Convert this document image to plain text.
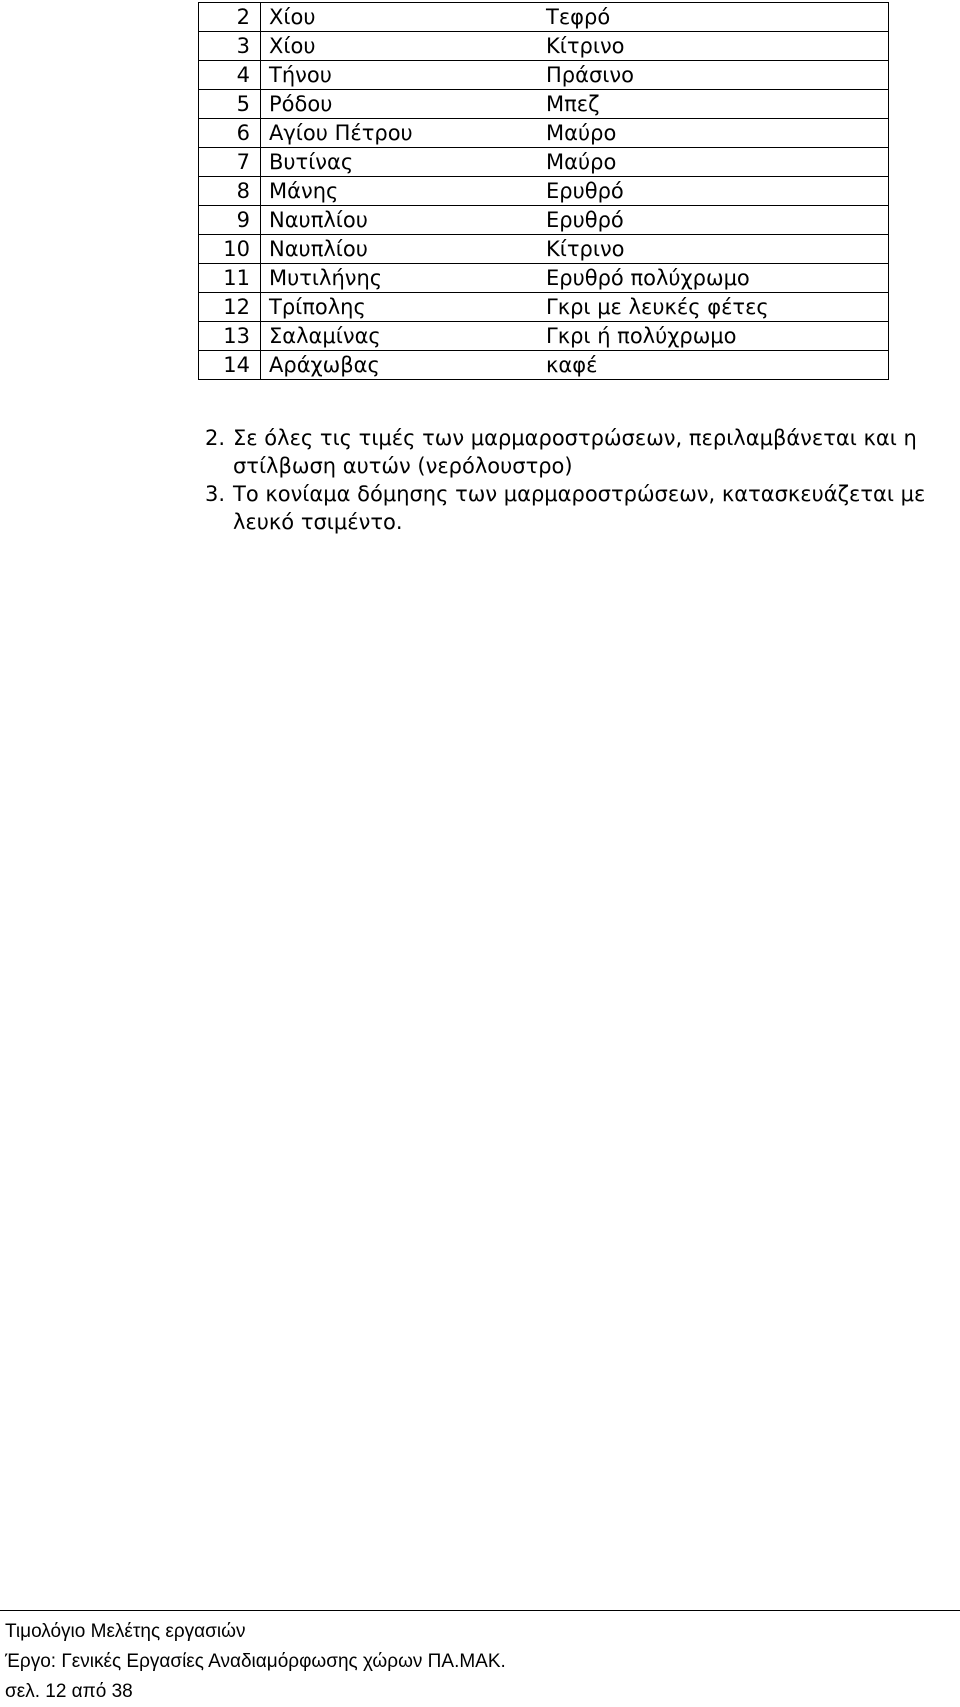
2	Χίου	Τεφρό
3	Χίου	Κίτρινο
4	Τήνου	Πράσινο
5	Ρόδου	Μπεζ
6	Αγίου Πέτρου	Μαύρο
7	Βυτίνας	Μαύρο
8	Μάνης	Ερυθρό
9	Ναυπλίου	Ερυθρό
10	Ναυπλίου	Κίτρινο
11	Μυτιλήνης	Ερυθρό πολύχρωμο
12	Τρίπολης	Γκρι με λευκές φέτες
13	Σαλαμίνας	Γκρι ή πολύχρωμο
14	Αράχωβας	καφέ
2. Σε όλες τις τιμές των μαρμαροστρώσεων, περιλαμβάνεται και η στίλβωση αυτών (νερόλουστρο)
3. Το κονίαμα δόμησης των μαρμαροστρώσεων, κατασκευάζεται με λευκό τσιμέντο.
Τιμολόγιο Μελέτης εργασιών
Έργο: Γενικές Εργασίες Αναδιαμόρφωσης χώρων ΠΑ.ΜΑΚ.
σελ. 12 από 38
